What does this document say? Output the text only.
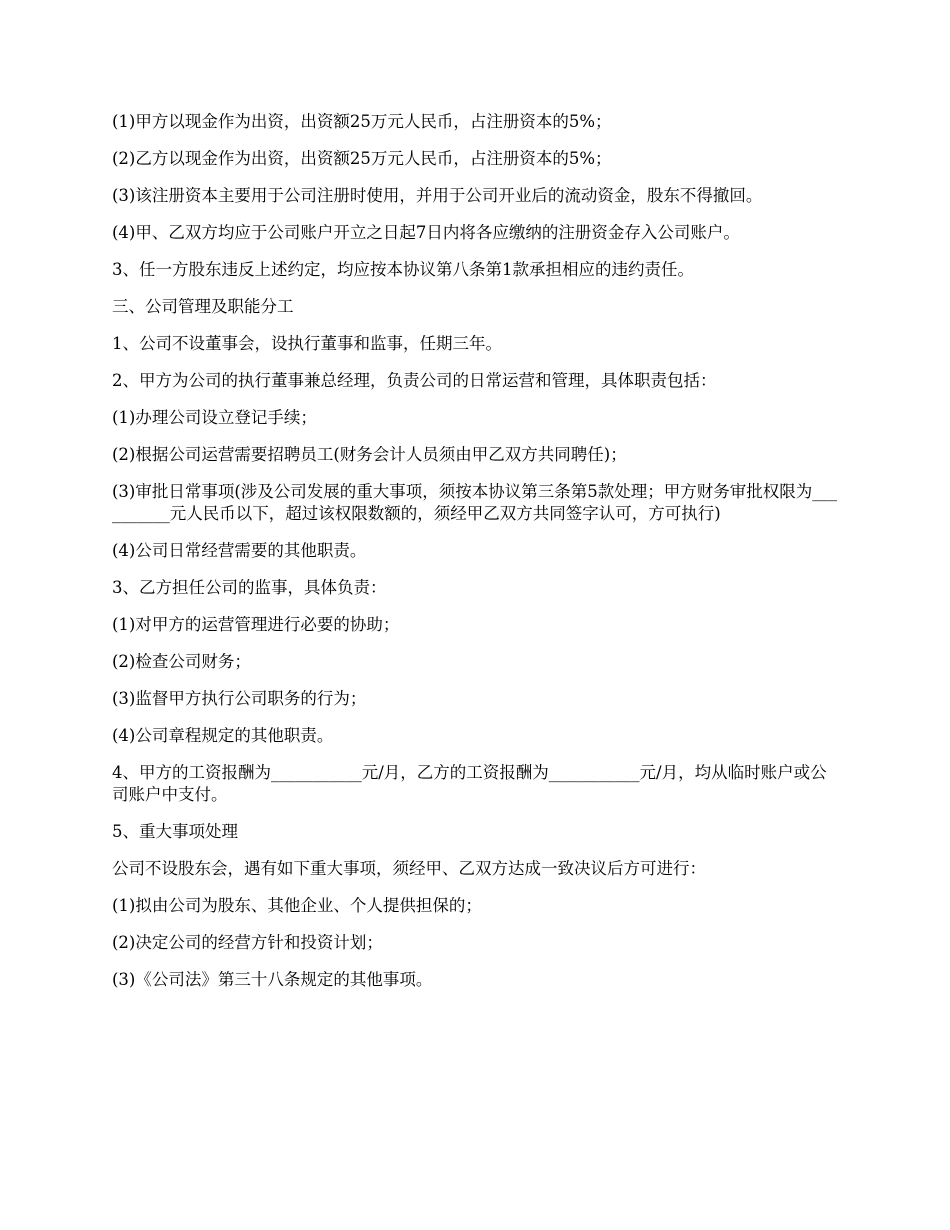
(1)甲方以现金作为出资，出资额25万元人民币，占注册资本的5%；

(2)乙方以现金作为出资，出资额25万元人民币，占注册资本的5%；

(3)该注册资本主要用于公司注册时使用，并用于公司开业后的流动资金，股东不得撤回。

(4)甲、乙双方均应于公司账户开立之日起7日内将各应缴纳的注册资金存入公司账户。

3、任一方股东违反上述约定，均应按本协议第八条第1款承担相应的违约责任。

三、公司管理及职能分工

1、公司不设董事会，设执行董事和监事，任期三年。

2、甲方为公司的执行董事兼总经理，负责公司的日常运营和管理，具体职责包括：

(1)办理公司设立登记手续；

(2)根据公司运营需要招聘员工(财务会计人员须由甲乙双方共同聘任)；

(3)审批日常事项(涉及公司发展的重大事项，须按本协议第三条第5款处理；甲方财务审批权限为__________元人民币以下，超过该权限数额的，须经甲乙双方共同签字认可，方可执行)

(4)公司日常经营需要的其他职责。

3、乙方担任公司的监事，具体负责：

(1)对甲方的运营管理进行必要的协助；

(2)检查公司财务；

(3)监督甲方执行公司职务的行为；

(4)公司章程规定的其他职责。

4、甲方的工资报酬为___________元/月，乙方的工资报酬为___________元/月，均从临时账户或公司账户中支付。

5、重大事项处理

公司不设股东会，遇有如下重大事项，须经甲、乙双方达成一致决议后方可进行：

(1)拟由公司为股东、其他企业、个人提供担保的；

(2)决定公司的经营方针和投资计划；

(3)《公司法》第三十八条规定的其他事项。
